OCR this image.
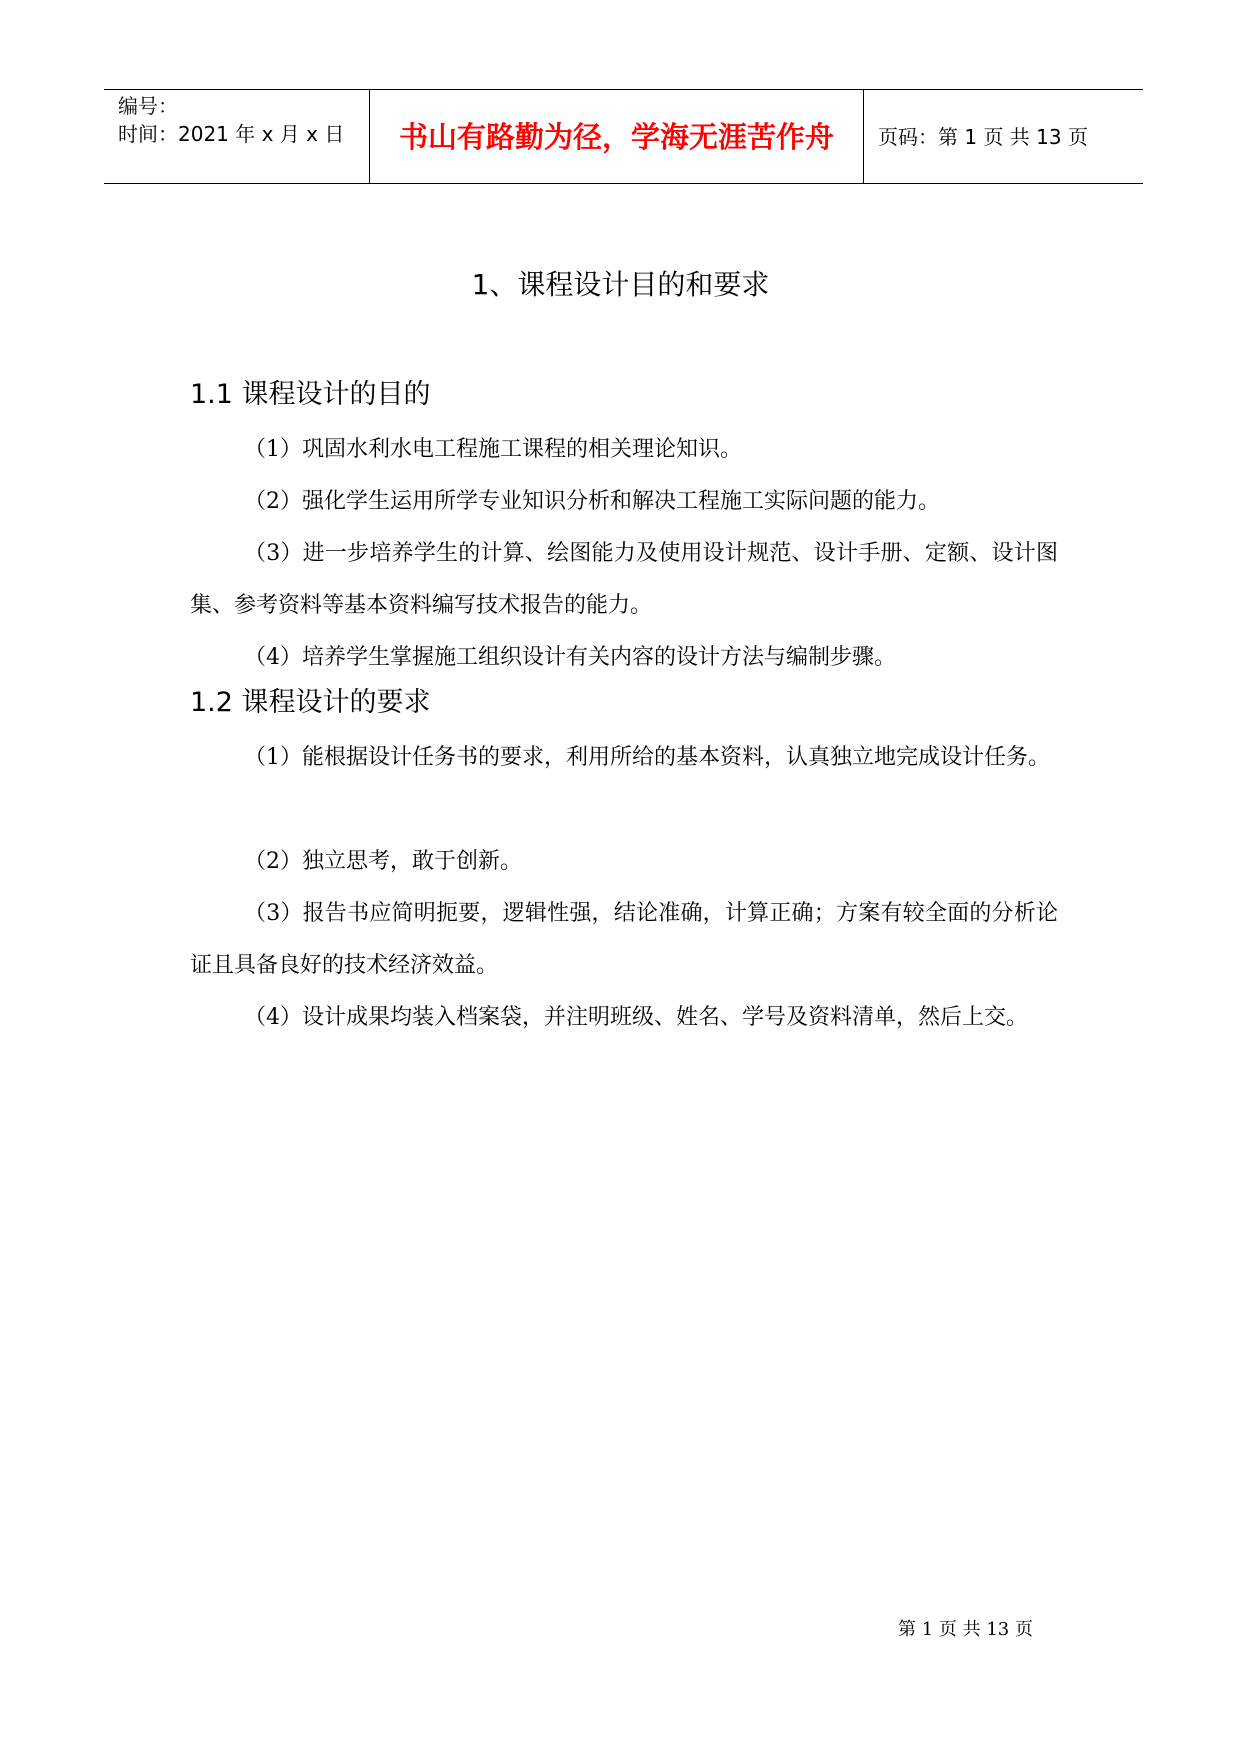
编号：
时间：2021 年 x 月 x 日	书山有路勤为径，学海无涯苦作舟	页码：第 1 页 共 13 页
1、课程设计目的和要求
1.1 课程设计的目的
（1）巩固水利水电工程施工课程的相关理论知识。
（2）强化学生运用所学专业知识分析和解决工程施工实际问题的能力。
（3）进一步培养学生的计算、绘图能力及使用设计规范、设计手册、定额、设计图集、参考资料等基本资料编写技术报告的能力。
（4）培养学生掌握施工组织设计有关内容的设计方法与编制步骤。
1.2 课程设计的要求
（1）能根据设计任务书的要求，利用所给的基本资料，认真独立地完成设计任务。
（2）独立思考，敢于创新。
（3）报告书应简明扼要，逻辑性强，结论准确，计算正确；方案有较全面的分析论证且具备良好的技术经济效益。
（4）设计成果均装入档案袋，并注明班级、姓名、学号及资料清单，然后上交。
第 1 页 共 13 页
